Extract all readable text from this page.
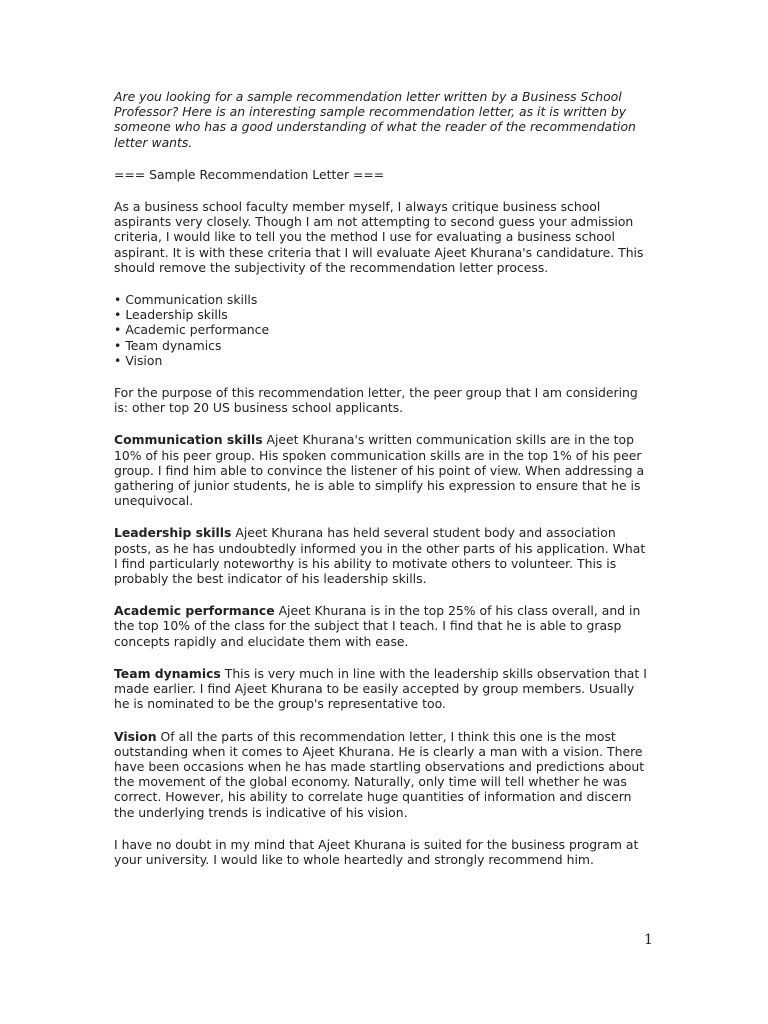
Are you looking for a sample recommendation letter written by a Business School Professor? Here is an interesting sample recommendation letter, as it is written by someone who has a good understanding of what the reader of the recommendation letter wants.

=== Sample Recommendation Letter ===

As a business school faculty member myself, I always critique business school aspirants very closely. Though I am not attempting to second guess your admission criteria, I would like to tell you the method I use for evaluating a business school aspirant. It is with these criteria that I will evaluate Ajeet Khurana's candidature. This should remove the subjectivity of the recommendation letter process.

• Communication skills
• Leadership skills
• Academic performance
• Team dynamics
• Vision

For the purpose of this recommendation letter, the peer group that I am considering is: other top 20 US business school applicants.

Communication skills Ajeet Khurana's written communication skills are in the top 10% of his peer group. His spoken communication skills are in the top 1% of his peer group. I find him able to convince the listener of his point of view. When addressing a gathering of junior students, he is able to simplify his expression to ensure that he is unequivocal.

Leadership skills Ajeet Khurana has held several student body and association posts, as he has undoubtedly informed you in the other parts of his application. What I find particularly noteworthy is his ability to motivate others to volunteer. This is probably the best indicator of his leadership skills.

Academic performance Ajeet Khurana is in the top 25% of his class overall, and in the top 10% of the class for the subject that I teach. I find that he is able to grasp concepts rapidly and elucidate them with ease.

Team dynamics This is very much in line with the leadership skills observation that I made earlier. I find Ajeet Khurana to be easily accepted by group members. Usually he is nominated to be the group's representative too.

Vision Of all the parts of this recommendation letter, I think this one is the most outstanding when it comes to Ajeet Khurana. He is clearly a man with a vision. There have been occasions when he has made startling observations and predictions about the movement of the global economy. Naturally, only time will tell whether he was correct. However, his ability to correlate huge quantities of information and discern the underlying trends is indicative of his vision.

I have no doubt in my mind that Ajeet Khurana is suited for the business program at your university. I would like to whole heartedly and strongly recommend him.

1
